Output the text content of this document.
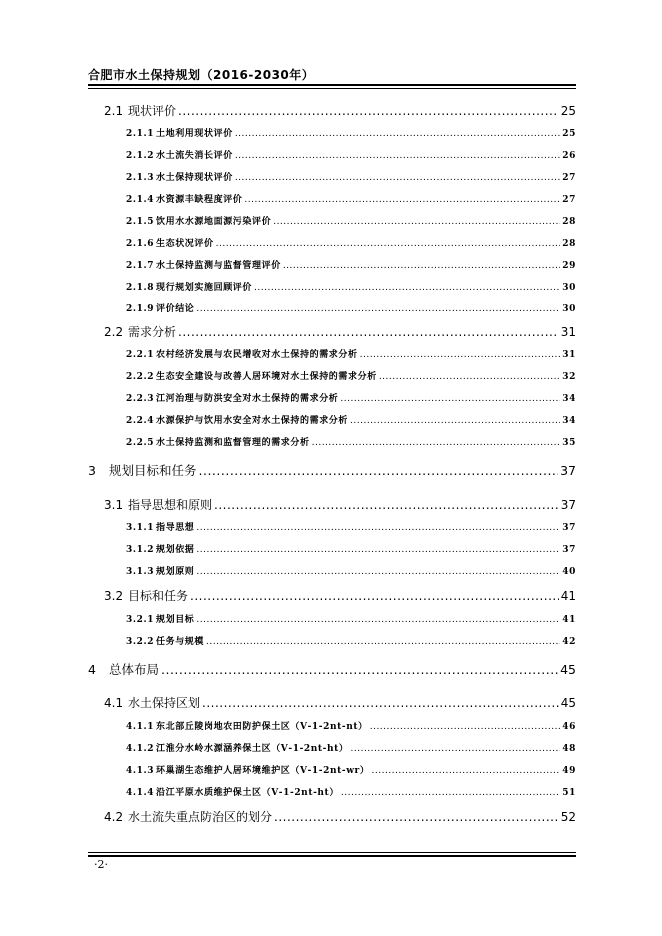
合肥市水土保持规划（2016-2030年）
2.1 现状评价 .....	25
2.1.1 土地利用现状评价 .....	25
2.1.2 水土流失消长评价 .....	26
2.1.3 水土保持现状评价 .....	27
2.1.4 水资源丰缺程度评价 .....	27
2.1.5 饮用水水源地面源污染评价 .....	28
2.1.6 生态状况评价 .....	28
2.1.7 水土保持监测与监督管理评价 .....	29
2.1.8 现行规划实施回顾评价 .....	30
2.1.9 评价结论 .....	30
2.2 需求分析 .....	31
2.2.1 农村经济发展与农民增收对水土保持的需求分析 .....	31
2.2.2 生态安全建设与改善人居环境对水土保持的需求分析 .....	32
2.2.3 江河治理与防洪安全对水土保持的需求分析 .....	34
2.2.4 水源保护与饮用水安全对水土保持的需求分析 .....	34
2.2.5 水土保持监测和监督管理的需求分析 .....	35
3	规划目标和任务 .....	37
3.1 指导思想和原则 .....	37
3.1.1 指导思想 .....	37
3.1.2 规划依据 .....	37
3.1.3 规划原则 .....	40
3.2 目标和任务 .....	41
3.2.1 规划目标 .....	41
3.2.2 任务与规模 .....	42
4	总体布局 .....	45
4.1 水土保持区划 .....	45
4.1.1 东北部丘陵岗地农田防护保土区（Ⅴ-1-2nt-nt） .....	46
4.1.2 江淮分水岭水源涵养保土区（Ⅴ-1-2nt-ht） .....	48
4.1.3 环巢湖生态维护人居环境维护区（Ⅴ-1-2nt-wr） .....	49
4.1.4 沿江平原水质维护保土区（Ⅴ-1-2nt-ht） .....	51
4.2 水土流失重点防治区的划分 .....	52
·2·
